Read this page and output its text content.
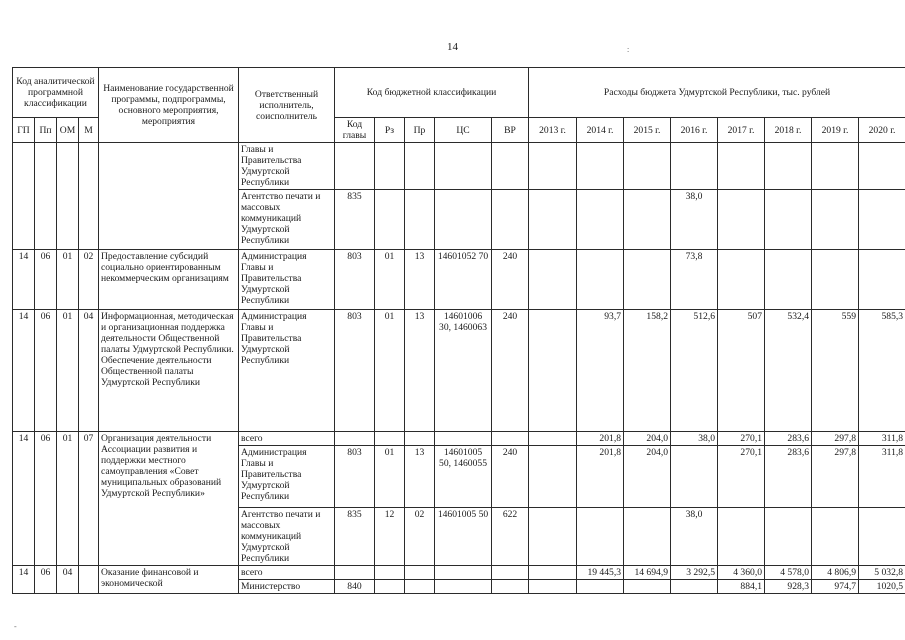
14	:
-
Код аналитической программной классификации				Наименование государственной программы, подпрограммы, основного мероприятия, мероприятия	Ответственный исполнитель, соисполнитель	Код бюджетной классификации					Расходы бюджета Удмуртской Республики, тыс. рублей							
ГП	Пп	ОМ	М			Код главы	Рз	Пр	ЦС	ВР	2013 г.	2014 г.	2015 г.	2016 г.	2017 г.	2018 г.	2019 г.	2020 г.
					Главы и Правительства Удмуртской Республики													
					Агентство печати и массовых коммуникаций Удмуртской Республики	835								38,0				
14	06	01	02	Предоставление субсидий социально ориентированным некоммерческим организациям	Администрация Главы и Правительства Удмуртской Республики	803	01	13	14601052 70	240				73,8				
14	06	01	04	Информационная, методическая и организационная поддержка деятельности Общественной палаты Удмуртской Республики. Обеспечение деятельности Общественной палаты Удмуртской Республики	Администрация Главы и Правительства Удмуртской Республики	803	01	13	14601006 30, 1460063	240		93,7	158,2	512,6	507	532,4	559	585,3
14	06	01	07	Организация деятельности Ассоциации развития и поддержки местного самоуправления «Совет муниципальных образований Удмуртской Республики»	всего							201,8	204,0	38,0	270,1	283,6	297,8	311,8
					Администрация Главы и Правительства Удмуртской Республики	803	01	13	14601005 50, 1460055	240		201,8	204,0		270,1	283,6	297,8	311,8
					Агентство печати и массовых коммуникаций Удмуртской Республики	835	12	02	14601005 50	622				38,0				
14	06	04		Оказание финансовой и экономической	всего							19 445,3	14 694,9	3 292,5	4 360,0	4 578,0	4 806,9	5 032,8
					Министерство	840									884,1	928,3	974,7	1020,5
